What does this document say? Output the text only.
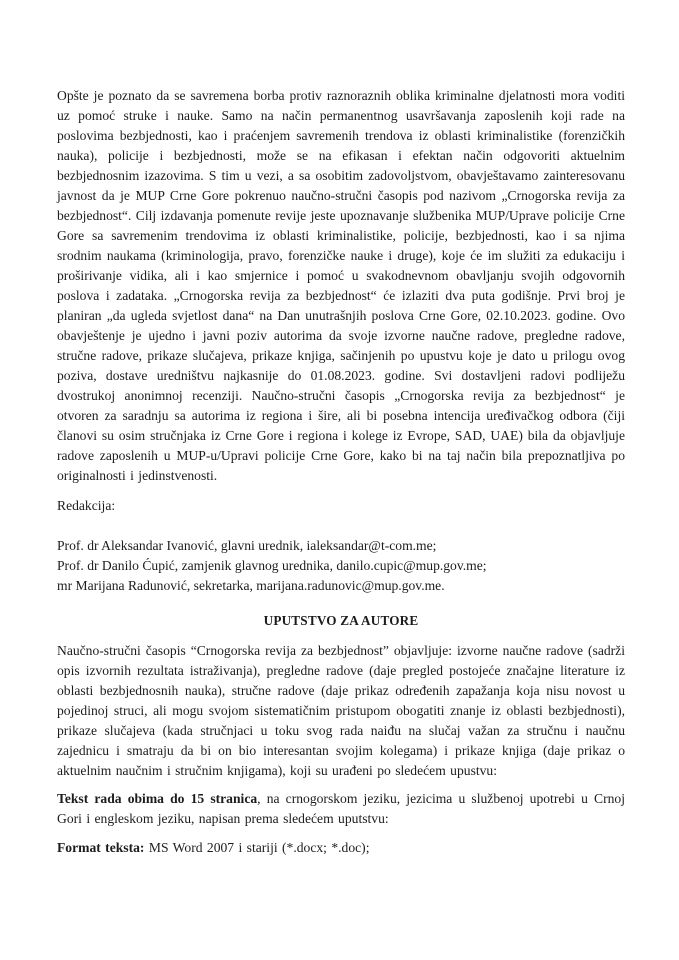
Opšte je poznato da se savremena borba protiv raznoraznih oblika kriminalne djelatnosti mora voditi uz pomoć struke i nauke. Samo na način permanentnog usavršavanja zaposlenih koji rade na poslovima bezbjednosti, kao i praćenjem savremenih trendova iz oblasti kriminalistike (forenzičkih nauka), policije i bezbjednosti, može se na efikasan i efektan način odgovoriti aktuelnim bezbjednosnim izazovima. S tim u vezi, a sa osobitim zadovoljstvom, obavještavamo zainteresovanu javnost da je MUP Crne Gore pokrenuo naučno-stručni časopis pod nazivom „Crnogorska revija za bezbjednost“. Cilj izdavanja pomenute revije jeste upoznavanje službenika MUP/Uprave policije Crne Gore sa savremenim trendovima iz oblasti kriminalistike, policije, bezbjednosti, kao i sa njima srodnim naukama (kriminologija, pravo, forenzičke nauke i druge), koje će im služiti za edukaciju i proširivanje vidika, ali i kao smjernice i pomoć u svakodnevnom obavljanju svojih odgovornih poslova i zadataka. „Crnogorska revija za bezbjednost“ će izlaziti dva puta godišnje. Prvi broj je planiran „da ugleda svjetlost dana“ na Dan unutrašnjih poslova Crne Gore, 02.10.2023. godine. Ovo obavještenje je ujedno i javni poziv autorima da svoje izvorne naučne radove, pregledne radove, stručne radove, prikaze slučajeva, prikaze knjiga, sačinjenih po upustvu koje je dato u prilogu ovog poziva, dostave uredništvu najkasnije do 01.08.2023. godine. Svi dostavljeni radovi podliježu dvostrukoj anonimnoj recenziji. Naučno-stručni časopis „Crnogorska revija za bezbjednost“ je otvoren za saradnju sa autorima iz regiona i šire, ali bi posebna intencija uređivačkog odbora (čiji članovi su osim stručnjaka iz Crne Gore i regiona i kolege iz Evrope, SAD, UAE) bila da objavljuje radove zaposlenih u MUP-u/Upravi policije Crne Gore, kako bi na taj način bila prepoznatljiva po originalnosti i jedinstvenosti.

Redakcija:

Prof. dr Aleksandar Ivanović, glavni urednik, ialeksandar@t-com.me;
Prof. dr Danilo Ćupić, zamjenik glavnog urednika, danilo.cupic@mup.gov.me;
mr Marijana Radunović, sekretarka, marijana.radunovic@mup.gov.me.
UPUTSTVO ZA AUTORE

Naučno-stručni časopis “Crnogorska revija za bezbjednost” objavljuje: izvorne naučne radove (sadrži opis izvornih rezultata istraživanja), pregledne radove (daje pregled postojeće značajne literature iz oblasti bezbjednosnih nauka), stručne radove (daje prikaz određenih zapažanja koja nisu novost u pojedinoj struci, ali mogu svojom sistematičnim pristupom obogatiti znanje iz oblasti bezbjednosti), prikaze slučajeva (kada stručnjaci u toku svog rada naiđu na slučaj važan za stručnu i naučnu zajednicu i smatraju da bi on bio interesantan svojim kolegama) i prikaze knjiga (daje prikaz o aktuelnim naučnim i stručnim knjigama), koji su urađeni po sledećem upustvu:

Tekst rada obima do 15 stranica, na crnogorskom jeziku, jezicima u službenoj upotrebi u Crnoj Gori i engleskom jeziku, napisan prema sledećem uputstvu:

Format teksta: MS Word 2007 i stariji (*.docx; *.doc);
